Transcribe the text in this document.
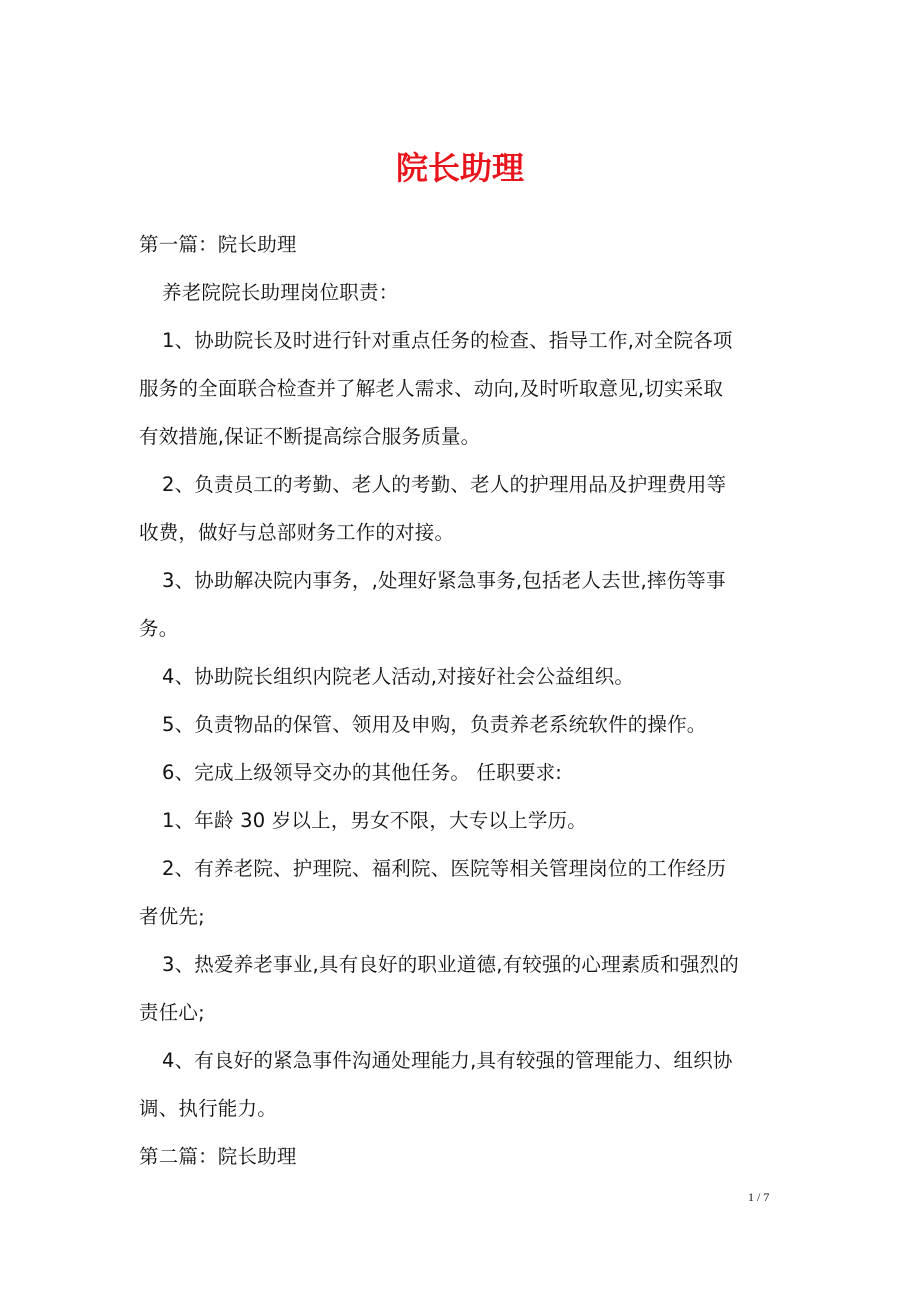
院长助理
第一篇：院长助理
养老院院长助理岗位职责：
1、协助院长及时进行针对重点任务的检查、指导工作,对全院各项
服务的全面联合检查并了解老人需求、动向,及时听取意见,切实采取
有效措施,保证不断提高综合服务质量。
2、负责员工的考勤、老人的考勤、老人的护理用品及护理费用等
收费，做好与总部财务工作的对接。
3、协助解决院内事务，,处理好紧急事务,包括老人去世,摔伤等事
务。
4、协助院长组织内院老人活动,对接好社会公益组织。
5、负责物品的保管、领用及申购，负责养老系统软件的操作。
6、完成上级领导交办的其他任务。 任职要求:
1、年龄 30 岁以上，男女不限，大专以上学历。
2、有养老院、护理院、福利院、医院等相关管理岗位的工作经历
者优先;
3、热爱养老事业,具有良好的职业道德,有较强的心理素质和强烈的
责任心;
4、有良好的紧急事件沟通处理能力,具有较强的管理能力、组织协
调、执行能力。
第二篇：院长助理
1 / 7
